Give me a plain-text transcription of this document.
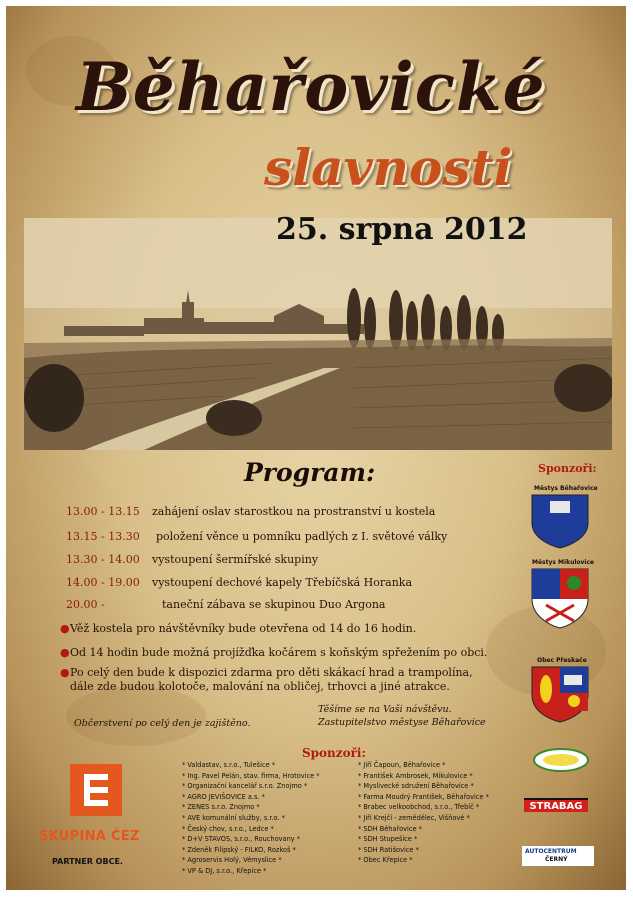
Běhařovické
slavnosti
25. srpna 2012
Program:
13.00 - 13.15	zahájení oslav starostkou na prostranství u kostela
13.15 - 13.30	položení věnce u pomníku padlých z I. světové války
13.30 - 14.00	vystoupení šermířské skupiny
14.00 - 19.00	vystoupení dechové kapely Třebíčská Horanka
20.00 -	taneční zábava se skupinou Duo Argona
● Věž kostela pro návštěvníky bude otevřena od 14 do 16 hodin.
● Od 14 hodin bude možná projížďka kočárem s koňským spřežením po obci.
● Po celý den bude k dispozici zdarma pro děti skákací hrad a trampolína,
dále zde budou kolotoče, malování na obličej, trhovci a jiné atrakce.
Těšíme se na Vaši návštěvu.
Zastupitelstvo městyse Běhařovice
Občerstvení po celý den je zajištěno.
Sponzoři:
Městys Běhařovice
Městys Mikulovice
Obec Přeskače
STRABAG
AUTOCENTRUM
ČERNÝ
Sponzoři:
* Valdastav, s.r.o., Tulešice *
* Ing. Pavel Pelán, stav. firma, Hrotovice *
* Organizační kancelář s.r.o. Znojmo *
* AGRO JEVIŠOVICE a.s. *
* ZENES s.r.o. Znojmo *
* AVE komunální služby, s.r.o. *
* Český chov, s.r.o., Ledce *
* D+V STAVOS, s.r.o., Rouchovany *
* Zdeněk Filipský - FILKO, Rozkoš *
* Agroservis Holý, Vémyslice *
* VP & DJ, s.r.o., Křepice *
* Jiří Čapoun, Běhařovice *
* František Ambrosek, Mikulovice *
* Myslivecké sdružení Běhařovice *
* Farma Moudrý František, Běhařovice *
* Brabec velkoobchod, s.r.o., Třebíč *
* Jiří Krejčí - zemědělec, Višňové *
* SDH Běhařovice *
* SDH Stupešice *
* SDH Ratišovice *
* Obec Křepice *
SKUPINA ČEZ
PARTNER OBCE.
